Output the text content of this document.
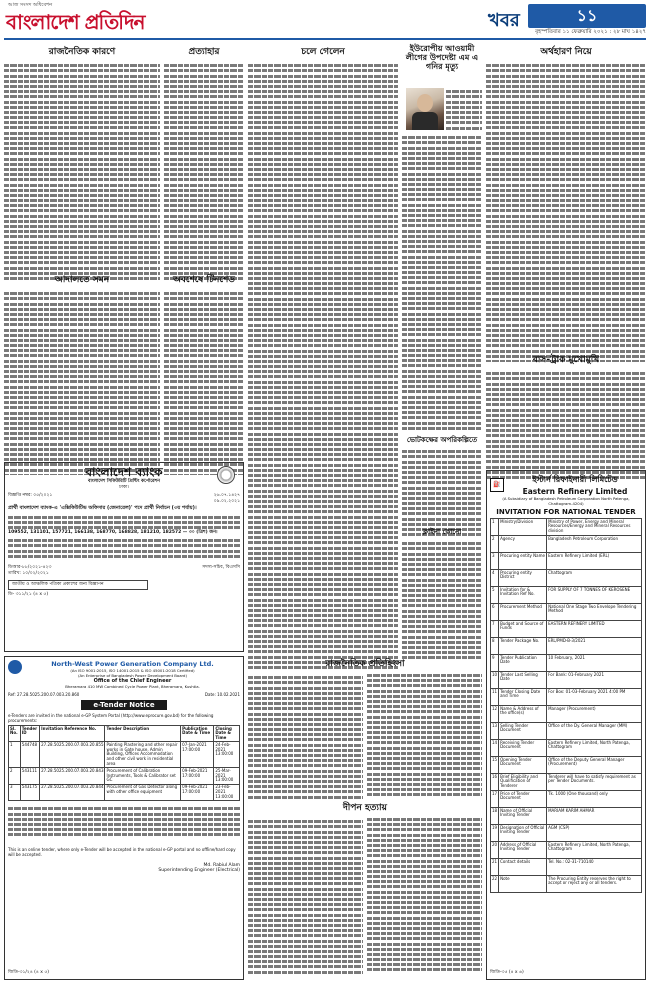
আজ সংসদ অধিবেশন
বাংলাদেশ প্রতিদিন	খবর	১১
বৃহস্পতিবার ১১ ফেব্রুয়ারি ২০২১ : ২৮ মাঘ ১৪২৭
রাজনৈতিক কারণে	প্রত্যাহার
আদালতে সমন	অবশেষে টিনশেড
চলে গেলেন	ইউরোপীয় আওয়ামী লীগের উপদেষ্টা এম এ গনির মৃত্যু
ভোটকক্ষের অপরিকল্পিতে
ক্লাইনা কোনো
অর্থহারণ নিয়ে
বাস-ট্রাক মুখোমুখি
বাংলাদেশ ব্যাংক
বাংলাদেশ সিকিউরিটি প্রিন্টিং কর্পোরেশন
ঢাকা।
বিজ্ঞপ্তি নম্বর: ০৫/২০২১	২৬.০৭.১৪২৭
০৯.০২.২০২১
প্রার্থী বাংলাদেশ ব্যাংক-এ 'এক্সিকিউটিভ অফিসার (জেনারেল)' পদে প্রার্থী নির্বাচন (৩য় পর্যায়)।
109552, 131101, 157721, 166138, 168770, 168828, 181210, 182572 — ৩০ (ত্রিশ) জন।
ডিআর-৮৮/২০২১-৪২৩
তারিখ: ১০/০২/২০২১
সদস্য-সচিব, বিএসসি
জাতীয় ও আঞ্চলিক পত্রিকা প্রকাশের জন্য বিজ্ঞাপন
ডি- ৩১১/২১ (৪ x ৫)
North-West Power Generation Company Ltd.
(An ISO 9001:2015, ISO 14001:2015 & ISO 45001:2018 Certified)
(An Enterprise of Bangladesh Power Development Board)
Office of the Chief Engineer
Bheramara 410 MW Combined Cycle Power Plant, Bheramara, Kushtia.
Ref: 27.28.5025.200.07.003.20.860	Date: 10.02.2021
e-Tender Notice
e-Tenders are invited in the national e-GP System Portal (http://www.eprocure.gov.bd) for the following procurements:
Sl. No.	Tender ID	Invitation Reference No.	Tender Description	Publication Date & Time	Closing Date & Time
1	544748	27.28.5025.200.07.003.20.855	Painting Plastering and other repair works in Gate house, Admin Building, Offices Accommodation and other civil work in residential area	07-Jan-2021 17:00:00	24-Feb-2021 13:00:00
2	543111	27.28.5025.200.07.003.20.843	Procurement of Calibration Instruments, Tools & Calibrator set GC	09-Feb-2021 17:00:00	25-Mar-2021 13:00:00
3	543175	27.28.5025.200.07.003.20.844	Procurement of Gas Detector along with other office equipment	09-Feb-2021 17:00:00	23-Feb-2021 13:00:00
This is an online tender, where only e-Tender will be accepted in the national e-GP portal and no offline/hard copy will be accepted.
Md. Rabiul Alam
Superintending Engineer (Electrical)
জিডি-৩১/২৪ (৪ x ৫)
রাজনৈতিক প্রতিহিংসা
দীপন হত্যায়
⛽
ইস্টার্ন রিফাইনারী লিমিটেড
Eastern Refinery Limited
(A Subsidiary of Bangladesh Petroleum Corporation North Patenga, Chattogram-4204)
INVITATION FOR NATIONAL TENDER
1	Ministry/Division	Ministry of Power, Energy and Mineral Resources/Energy and Mineral Resources division
2	Agency	Bangladesh Petroleum Corporation
3	Procuring entity Name	Eastern Refinery Limited (ERL)
4	Procuring entity District	Chattogram
5	Invitation for & Invitation Ref No.	FOR SUPPLY OF 7 TONNES OF KEROSENE
6	Procurement Method	National One Stage Two Envelope Tendering Method
7	Budget and Source of Funds	EASTERN REFINERY LIMITED
8	Tender Package No.	ERL/PMD-B-3/2021
9	Tender Publication Date	10 February, 2021
10	Tender Last Selling Date	For Bank: 01-February 2021
11	Tender Closing Date and Time	For Box: 01-03-February 2021 4:00 PM
12	Name & Address of the office(s)	Manager (Procurement)
13	Selling Tender Document	Office of the Dy. General Manager (MM)
14	Receiving Tender Document	Eastern Refinery Limited, North Patenga, Chattogram
15	Opening Tender Document	Office of the Deputy General Manager (Procurement)
16	Brief Eligibility and Qualification of Tenderer	Tenderer will have to satisfy requirement as per Tender Documents.
17	Price of Tender Document	Tk. 1000 (One thousand) only
18	Name of Official Inviting Tender	MARIAM KARIM AHMAR
19	Designation of Official Inviting Tender	AGM (CSP)
20	Address of Official Inviting Tender	Eastern Refinery Limited, North Patenga, Chattogram
21	Contact details	Tel. No.: 02-31-710140
22	Note	The Procuring Entity reserves the right to accept or reject any or all tenders.
জিডি-৩৫ (৪ x ৬)
